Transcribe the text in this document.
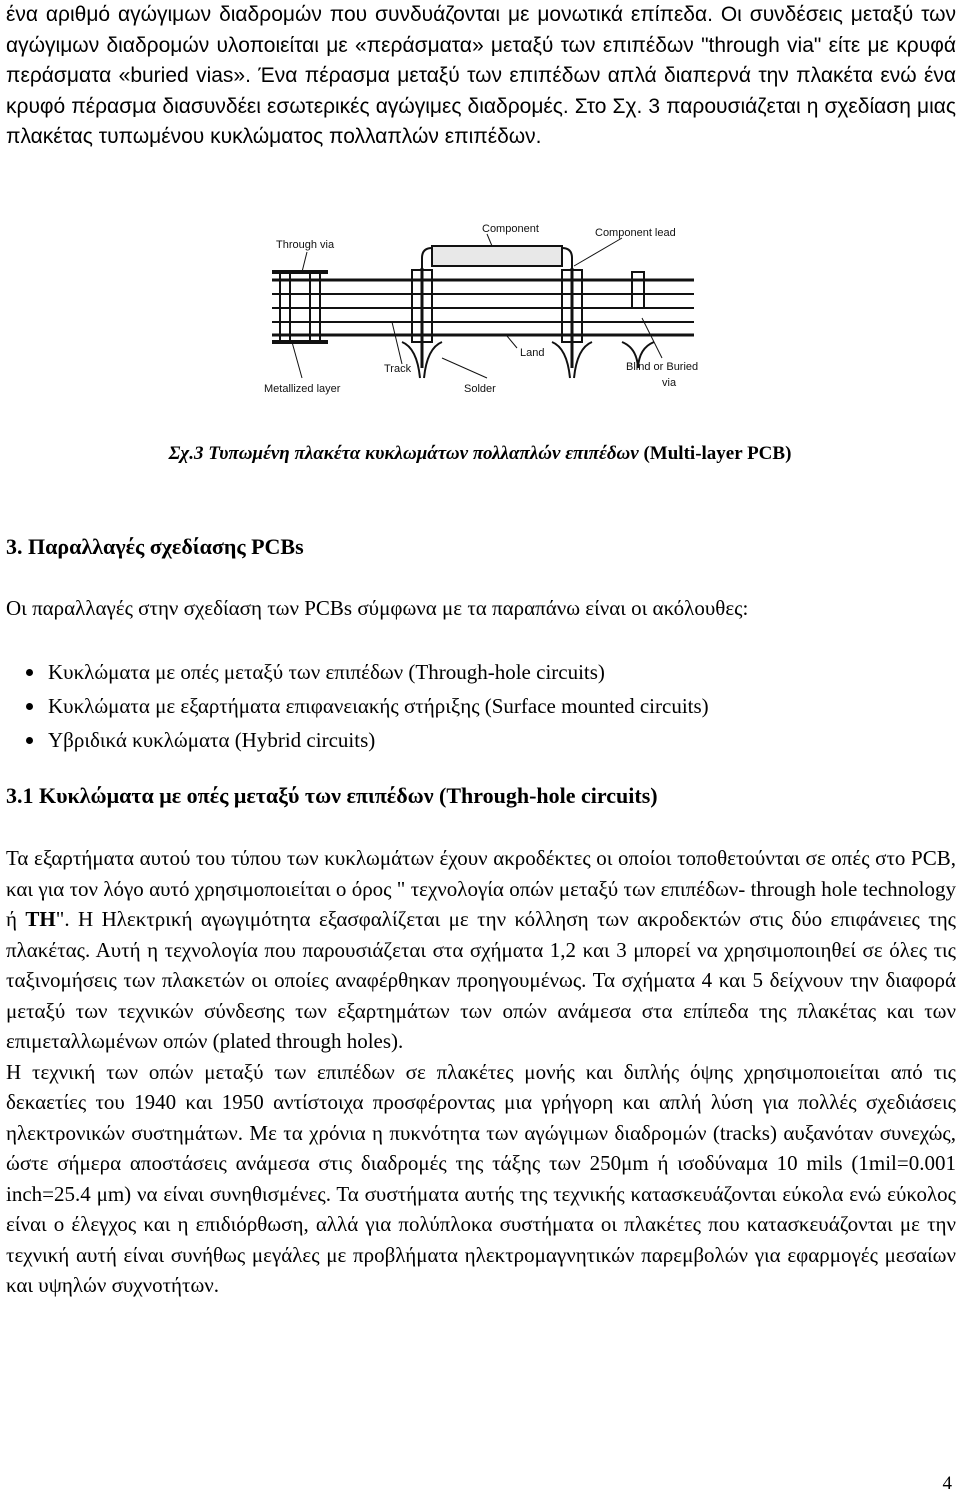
ένα αριθμό αγώγιμων διαδρομών που συνδυάζονται με μονωτικά επίπεδα. Οι συνδέσεις μεταξύ των αγώγιμων διαδρομών υλοποιείται με «περάσματα» μεταξύ των επιπέδων "through via" είτε με κρυφά περάσματα «buried vias». Ένα πέρασμα μεταξύ των επιπέδων απλά διαπερνά την πλακέτα ενώ ένα κρυφό πέρασμα διασυνδέει εσωτερικές αγώγιμες διαδρομές. Στο Σχ. 3 παρουσιάζεται η σχεδίαση μιας πλακέτας τυπωμένου κυκλώματος πολλαπλών επιπέδων.

Through via
Component	Component lead
Land
Track
Metallized layer	Solder
Blind or Buried
via
Σχ.3 Τυπωμένη πλακέτα κυκλωμάτων πολλαπλών επιπέδων (Multi-layer PCB)
3. Παραλλαγές σχεδίασης PCBs
Οι παραλλαγές στην σχεδίαση των PCBs σύμφωνα με τα παραπάνω είναι οι ακόλουθες:
Κυκλώματα με οπές μεταξύ των επιπέδων (Through-hole circuits)
Κυκλώματα με εξαρτήματα επιφανειακής στήριξης (Surface mounted circuits)
Υβριδικά κυκλώματα (Hybrid circuits)
3.1 Κυκλώματα με οπές μεταξύ των επιπέδων (Through-hole circuits)

Τα εξαρτήματα αυτού του τύπου των κυκλωμάτων έχουν ακροδέκτες οι οποίοι τοποθετούνται σε οπές στο PCB, και για τον λόγο αυτό χρησιμοποιείται ο όρος " τεχνολογία οπών μεταξύ των επιπέδων- through hole technology ή ΤΗ". Η Ηλεκτρική αγωγιμότητα εξασφαλίζεται με την κόλληση των ακροδεκτών στις δύο επιφάνειες της πλακέτας. Αυτή η τεχνολογία που παρουσιάζεται στα σχήματα 1,2 και 3 μπορεί να χρησιμοποιηθεί σε όλες τις ταξινομήσεις των πλακετών οι οποίες αναφέρθηκαν προηγουμένως. Τα σχήματα 4 και 5 δείχνουν την διαφορά μεταξύ των τεχνικών σύνδεσης των εξαρτημάτων των οπών ανάμεσα στα επίπεδα της πλακέτας και των επιμεταλλωμένων οπών (plated through holes).

Η τεχνική των οπών μεταξύ των επιπέδων σε πλακέτες μονής και διπλής όψης χρησιμοποιείται από τις δεκαετίες του 1940 και 1950 αντίστοιχα προσφέροντας μια γρήγορη και απλή λύση για πολλές σχεδιάσεις ηλεκτρονικών συστημάτων. Με τα χρόνια η πυκνότητα των αγώγιμων διαδρομών (tracks) αυξανόταν συνεχώς, ώστε σήμερα αποστάσεις ανάμεσα στις διαδρομές της τάξης των 250μm ή ισοδύναμα 10 mils (1mil=0.001 inch=25.4 μm) να είναι συνηθισμένες. Τα συστήματα αυτής της τεχνικής κατασκευάζονται εύκολα ενώ εύκολος είναι ο έλεγχος και η επιδιόρθωση, αλλά για πολύπλοκα συστήματα οι πλακέτες που κατασκευάζονται με την τεχνική αυτή είναι συνήθως μεγάλες με προβλήματα ηλεκτρομαγνητικών παρεμβολών για εφαρμογές μεσαίων και υψηλών συχνοτήτων.

4
